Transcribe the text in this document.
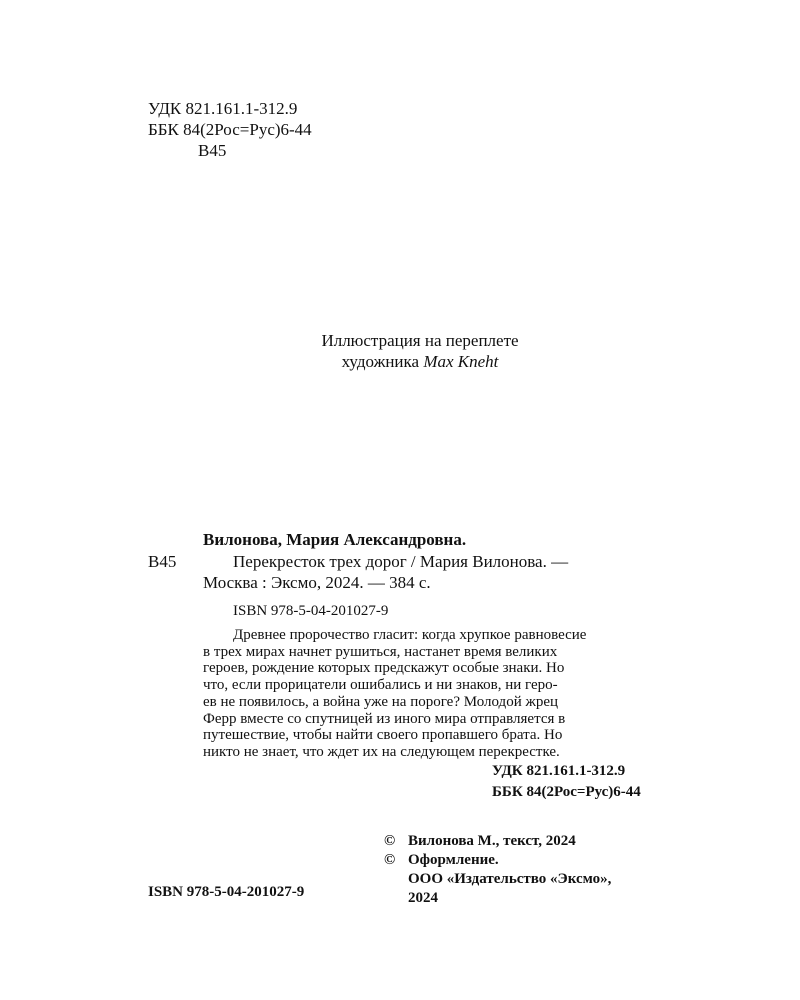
УДК 821.161.1-312.9
ББК 84(2Рос=Рус)6-44
В45
Иллюстрация на переплете
художника Max Kneht
Вилонова, Мария Александровна.
В45	Перекресток трех дорог / Мария Вилонова. —
Москва : Эксмо, 2024. — 384 с.
ISBN 978-5-04-201027-9
Древнее пророчество гласит: когда хрупкое равновесие
в трех мирах начнет рушиться, настанет время великих
героев, рождение которых предскажут особые знаки. Но
что, если прорицатели ошибались и ни знаков, ни геро-
ев не появилось, а война уже на пороге? Молодой жрец
Ферр вместе со спутницей из иного мира отправляется в
путешествие, чтобы найти своего пропавшего брата. Но
никто не знает, что ждет их на следующем перекрестке.
УДК 821.161.1-312.9
ББК 84(2Рос=Рус)6-44
© Вилонова М., текст, 2024
© Оформление.
ООО «Издательство «Эксмо»,
2024
ISBN 978-5-04-201027-9
